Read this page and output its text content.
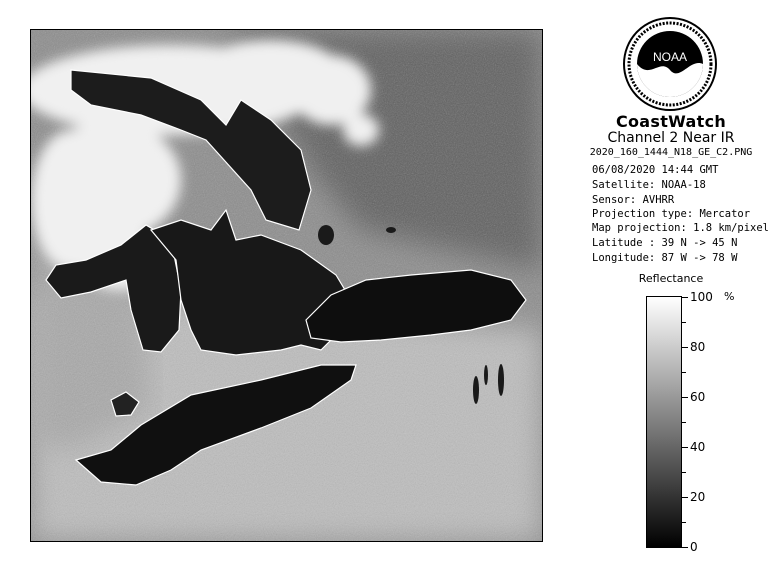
NOAA
CoastWatch
Channel 2 Near IR
2020_160_1444_N18_GE_C2.PNG
06/08/2020 14:44 GMT
Satellite: NOAA-18
Sensor: AVHRR
Projection type: Mercator
Map projection: 1.8 km/pixel
Latitude : 39 N -> 45 N
Longitude: 87 W -> 78 W
Reflectance
%
100
80
60
40
20
0
